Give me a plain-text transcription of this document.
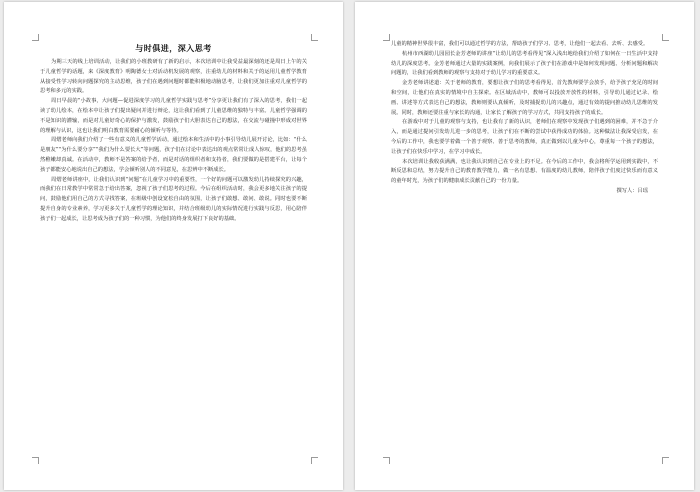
与时俱进，深入思考

为期三天的线上培训活动，让我们的小班教研有了新的启示，本次培训中让我受益最深刻的还是周日上午的关于儿童哲学的话题，来《深度教育》明陶德女士对活动机发展的观察，注重幼儿的材料和关于的运用儿童哲学教育从接受性学习转向问题探究的主动思维，孩子们在遇到问题时都能积极地动脑思考，让我们更加注重对儿童哲学的思考和多元的实践。

周日早晨的“小故事，大问题—促进深度学习的儿童哲学实践与思考”分享更让我们有了深入的思考，我们一起读了幼儿绘本，在绘本中让孩子们提出疑问并进行辩论，这让我们看到了儿童思维的独特与丰富。儿童哲学强调的不是知识的灌输，而是对儿童好奇心的保护与激发，鼓励孩子们大胆表达自己的想法，在交流与碰撞中形成对世界的理解与认识，这也让我们明白教育需要耐心的倾听与等待。

周熠老师向我们介绍了一些有意义的儿童哲学活动，通过绘本和生活中的小事引导幼儿展开讨论，比如：“什么是朋友”“为什么要分享”“我们为什么要长大”等问题，孩子们在讨论中表达出的观点常常让成人惊叹，他们的思考虽然稚嫩却真诚。在活动中，教师不是答案的给予者，而是对话的组织者和支持者，我们要做的是搭建平台，让每个孩子都能安心地说出自己的想法，学会倾听别人的不同意见，在思辨中不断成长。

周熠老师讲座中，让我们认识到“问题”在儿童学习中的重要性，一个好的问题可以激发幼儿持续探究的兴趣，而我们在日常教学中常常急于给出答案，忽视了孩子们思考的过程。今后在组织活动时，我会更多地关注孩子的提问，鼓励他们用自己的方式寻找答案，在班级中创设宽松自由的氛围，让孩子们敢想、敢问、敢说。同时也要不断提升自身的专业素养，学习更多关于儿童哲学的理论知识，并结合班级幼儿的实际情况进行实践与反思，用心陪伴孩子们一起成长，让思考成为孩子们的一种习惯，为他们的终身发展打下良好的基础。

儿童的精神世界很丰富，我们可以通过哲学的方法，帮助孩子们学习、思考，让他们一起去看、去听、去感受。

杭州市西湖幼儿园园长金芳老师的讲座“让幼儿的思考看得见”深入浅出地给我们介绍了如何在一日生活中支持幼儿的深度思考。金芳老师通过大量的实践案例，向我们展示了孩子们在游戏中是如何发现问题、分析问题和解决问题的，让我们看到教师的观察与支持对于幼儿学习的重要意义。

金芳老师讲述道：关于老师的教育，要想让孩子们的思考看得见，首先教师要学会放手，给予孩子充足的时间和空间，让他们在真实的情境中自主探索。在区域活动中，教师可以投放开放性的材料，引导幼儿通过记录、绘画、讲述等方式表达自己的想法，教师则要认真倾听，及时捕捉幼儿的兴趣点，通过有效的提问推动幼儿思维的发展。同时，教师还要注重与家长的沟通，让家长了解孩子的学习方式，共同支持孩子的成长。

在游戏中对于儿童的观察与支持，也让我有了新的认识，老师们在观察中发现孩子们遇到的困难，并不急于介入，而是通过提问引发幼儿进一步的思考，让孩子们在不断的尝试中获得成功的体验。这种做法让我深受启发，在今后的工作中，我也要学着做一个善于观察、善于思考的教师，真正做到以儿童为中心，尊重每一个孩子的想法，让孩子们在快乐中学习，在学习中成长。

本次培训让我收获满满，也让我认识到自己在专业上的不足。在今后的工作中，我会将所学运用到实践中，不断反思和总结，努力提升自己的教育教学能力，做一名有思想、有温度的幼儿教师，陪伴孩子们度过快乐而有意义的童年时光，为孩子们的健康成长贡献自己的一份力量。

撰写人：吕瑶
